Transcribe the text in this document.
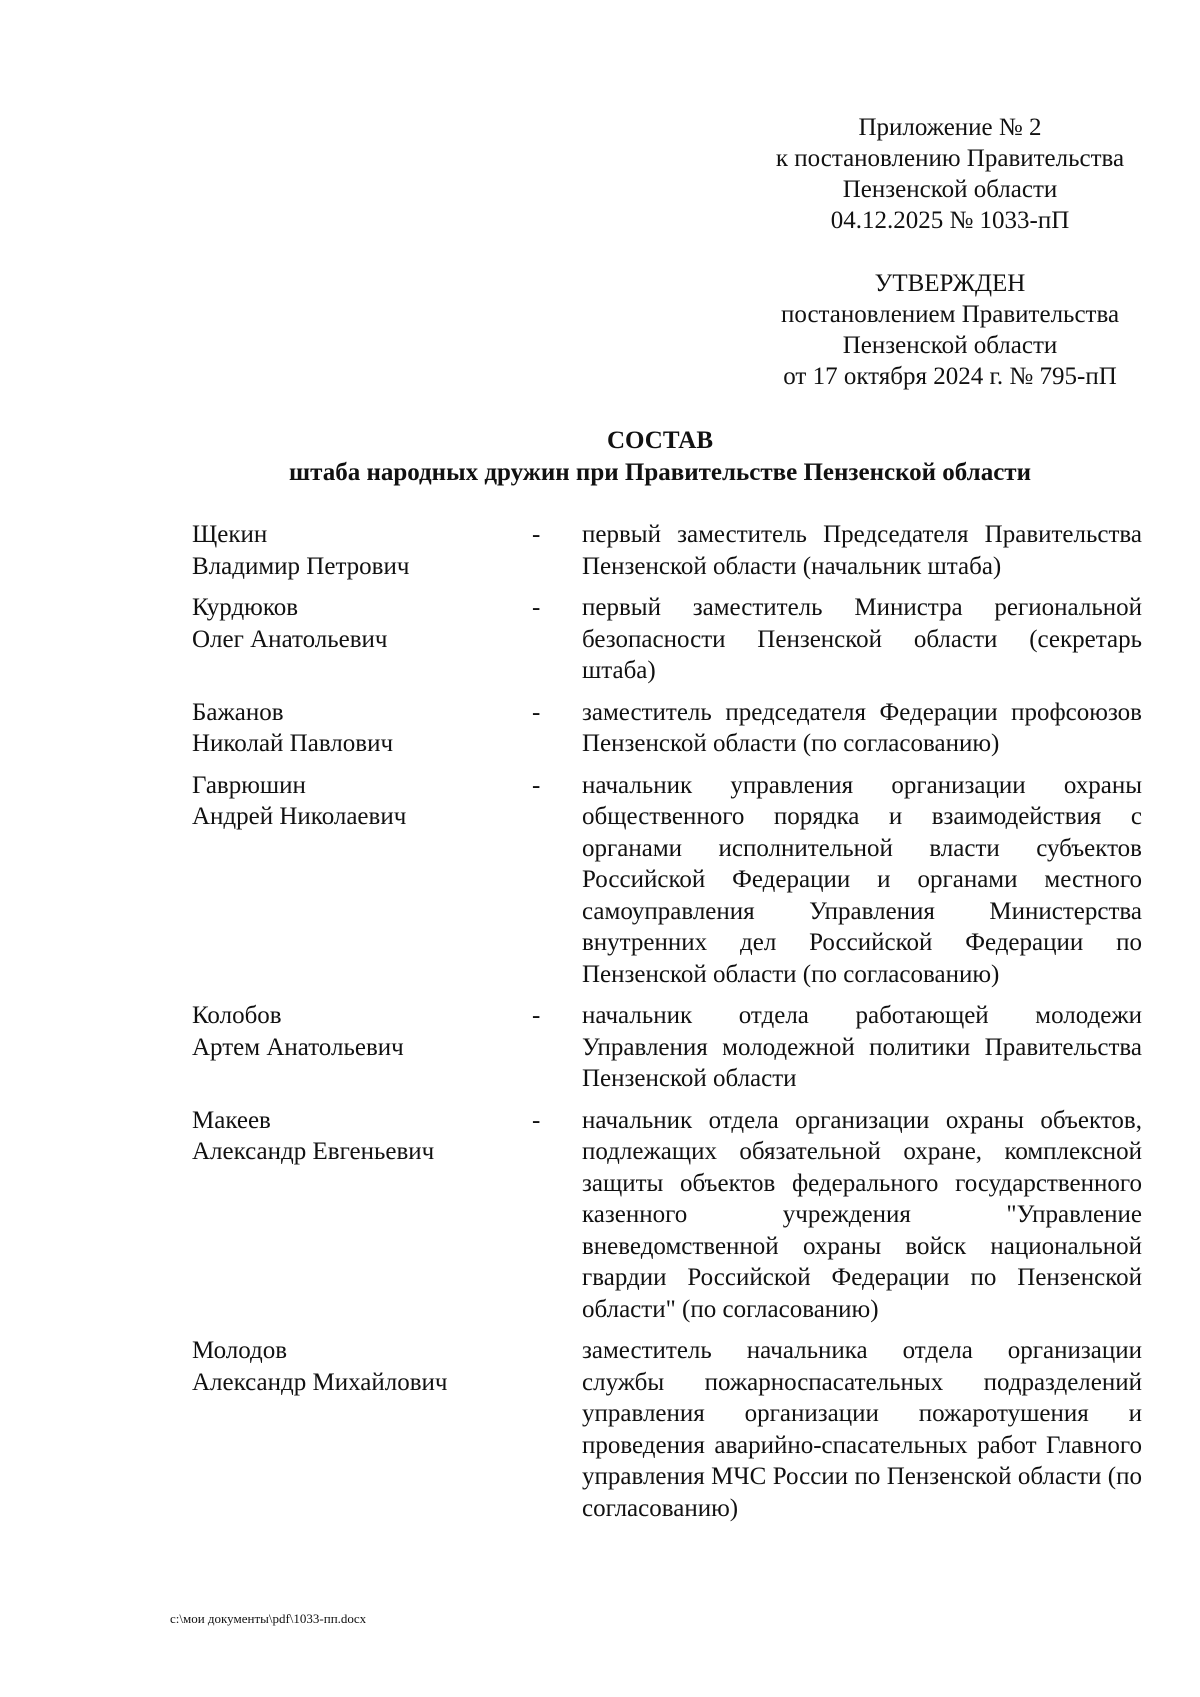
Приложение № 2
к постановлению Правительства
Пензенской области
04.12.2025 № 1033-пП
УТВЕРЖДЕН
постановлением Правительства
Пензенской области
от 17 октября 2024 г. № 795-пП
СОСТАВ
штаба народных дружин при Правительстве Пензенской области
Щекин
Владимир Петрович
-	первый заместитель Председателя Правительства Пензенской области (начальник штаба)
Курдюков
Олег Анатольевич
-	первый заместитель Министра региональной безопасности Пензенской области (секретарь штаба)
Бажанов
Николай Павлович
-	заместитель председателя Федерации профсоюзов Пензенской области (по согласованию)
Гаврюшин
Андрей Николаевич
-	начальник управления организации охраны общественного порядка и взаимодействия с органами исполнительной власти субъектов Российской Федерации и органами местного самоуправления Управления Министерства внутренних дел Российской Федерации по Пензенской области (по согласованию)
Колобов
Артем Анатольевич
-	начальник отдела работающей молодежи Управления молодежной политики Правительства Пензенской области
Макеев
Александр Евгеньевич
-	начальник отдела организации охраны объектов, подлежащих обязательной охране, комплексной защиты объектов федерального государственного казенного учреждения "Управление вневедомственной охраны войск национальной гвардии Российской Федерации по Пензенской области" (по согласованию)
Молодов
Александр Михайлович
заместитель начальника отдела организации службы пожарноспасательных подразделений управления организации пожаротушения и проведения аварийно-спасательных работ Главного управления МЧС России по Пензенской области (по согласованию)
c:\мои документы\pdf\1033-пп.docx
